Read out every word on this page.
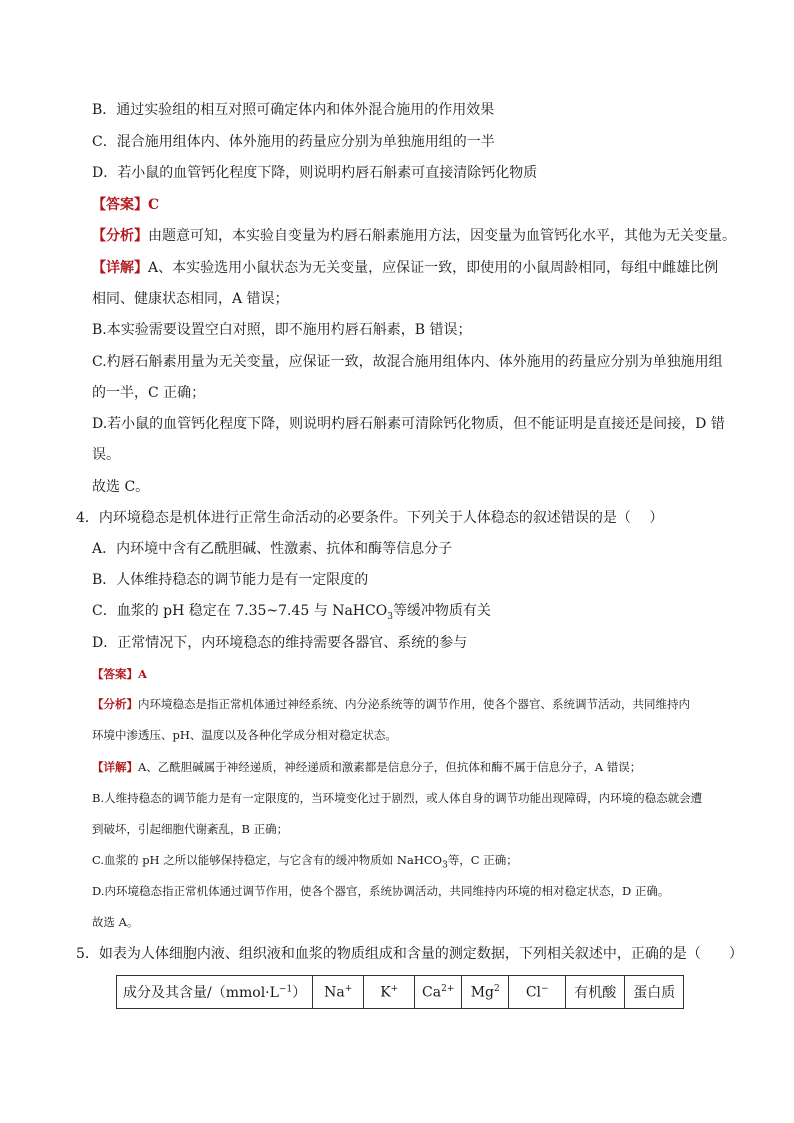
B．通过实验组的相互对照可确定体内和体外混合施用的作用效果
C．混合施用组体内、体外施用的药量应分别为单独施用组的一半
D．若小鼠的血管钙化程度下降，则说明杓唇石斛素可直接清除钙化物质
【答案】C
【分析】由题意可知，本实验自变量为杓唇石斛素施用方法，因变量为血管钙化水平，其他为无关变量。
【详解】A、本实验选用小鼠状态为无关变量，应保证一致，即使用的小鼠周龄相同，每组中雌雄比例
相同、健康状态相同，A 错误；
B.本实验需要设置空白对照，即不施用杓唇石斛素，B 错误；
C.杓唇石斛素用量为无关变量，应保证一致，故混合施用组体内、体外施用的药量应分别为单独施用组
的一半，C 正确；
D.若小鼠的血管钙化程度下降，则说明杓唇石斛素可清除钙化物质，但不能证明是直接还是间接，D 错
误。
故选 C。
4．内环境稳态是机体进行正常生命活动的必要条件。下列关于人体稳态的叙述错误的是（　 ）
A．内环境中含有乙酰胆碱、性激素、抗体和酶等信息分子
B．人体维持稳态的调节能力是有一定限度的
C．血浆的 pH 稳定在 7.35~7.45 与 NaHCO$_3$等缓冲物质有关
D．正常情况下，内环境稳态的维持需要各器官、系统的参与
【答案】A
【分析】内环境稳态是指正常机体通过神经系统、内分泌系统等的调节作用，使各个器官、系统调节活动，共同维持内
环境中渗透压、pH、温度以及各种化学成分相对稳定状态。
【详解】A、乙酰胆碱属于神经递质，神经递质和激素都是信息分子，但抗体和酶不属于信息分子，A 错误；
B.人维持稳态的调节能力是有一定限度的，当环境变化过于剧烈，或人体自身的调节功能出现障碍，内环境的稳态就会遭
到破坏，引起细胞代谢紊乱，B 正确；
C.血浆的 pH 之所以能够保持稳定，与它含有的缓冲物质如 NaHCO$_3$等，C 正确；
D.内环境稳态指正常机体通过调节作用，使各个器官，系统协调活动，共同维持内环境的相对稳定状态，D 正确。
故选 A。
5．如表为人体细胞内液、组织液和血浆的物质组成和含量的测定数据，下列相关叙述中，正确的是（　　）
成分及其含量$/(mmol\cdot L^{-1})$	Na+	K+	$Ca^{2+}$	Mg$^2$	Cl−	有机酸	蛋白质
